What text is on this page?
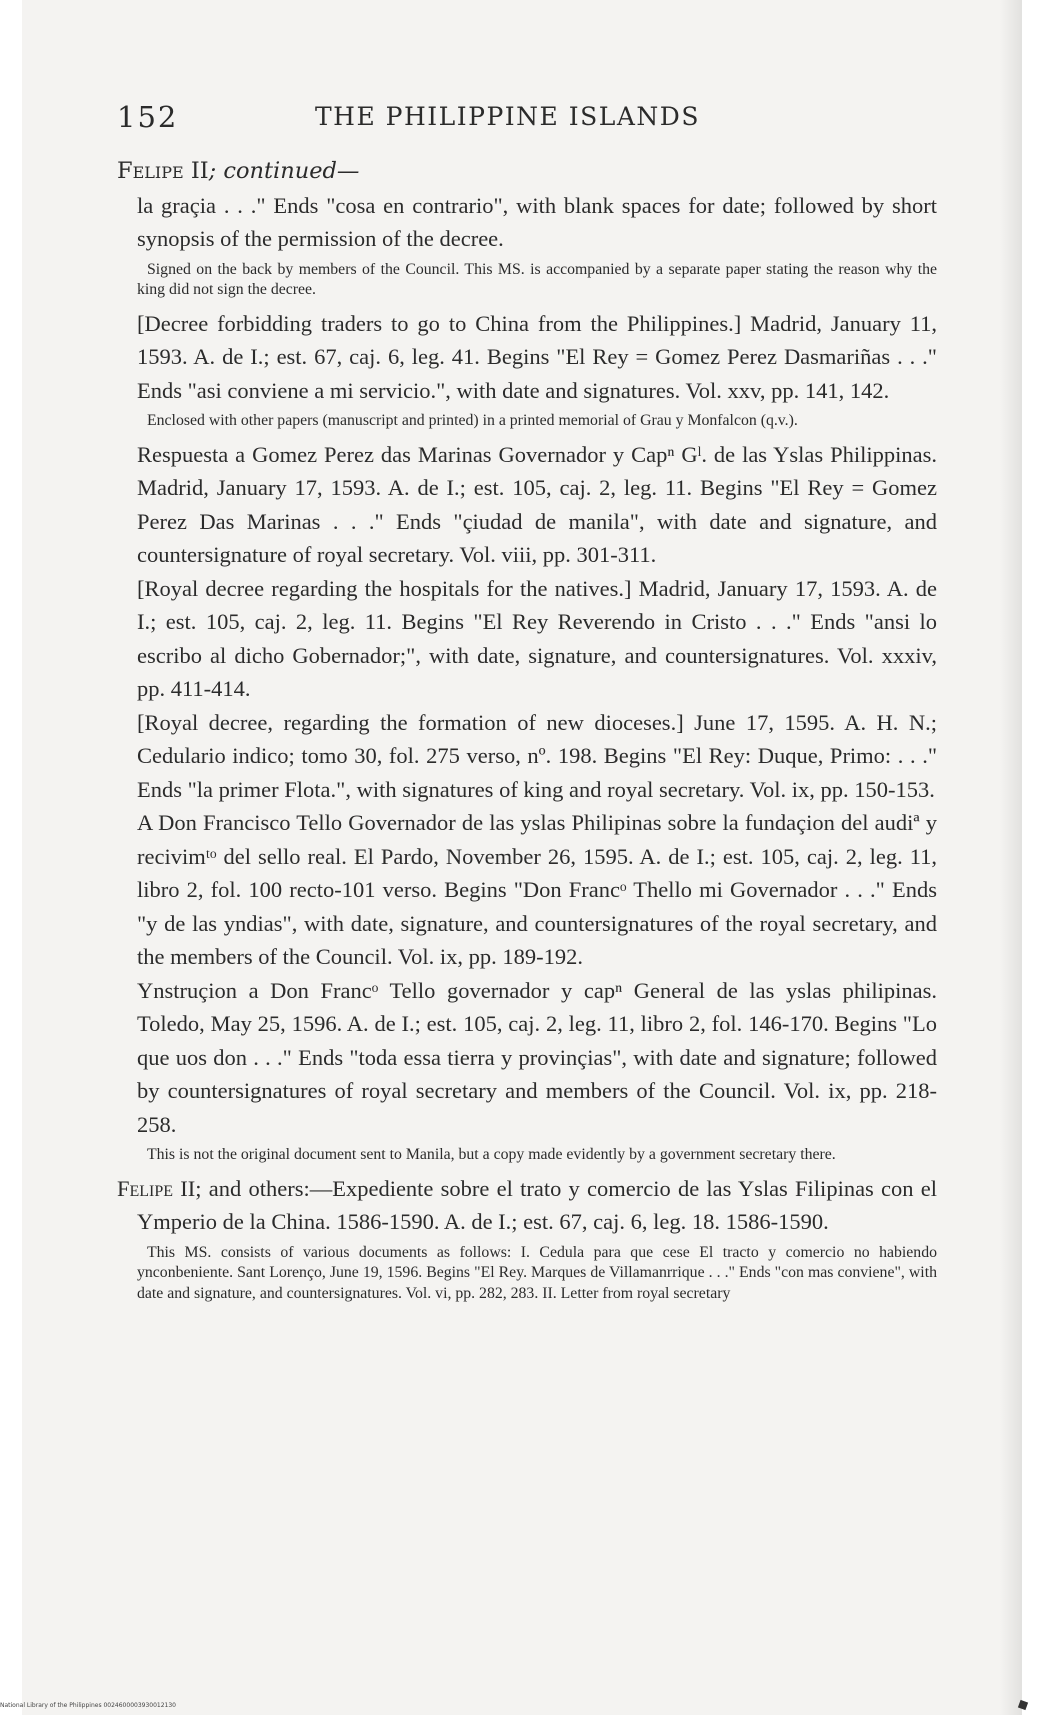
152	THE PHILIPPINE ISLANDS
Felipe II; continued—

la graçia . . ." Ends "cosa en contrario", with blank spaces for date; followed by short synopsis of the permission of the decree.

Signed on the back by members of the Council. This MS. is accompanied by a separate paper stating the reason why the king did not sign the decree.

[Decree forbidding traders to go to China from the Philippines.] Madrid, January 11, 1593. A. de I.; est. 67, caj. 6, leg. 41. Begins "El Rey = Gomez Perez Dasmariñas . . ." Ends "asi conviene a mi servicio.", with date and signatures. Vol. xxv, pp. 141, 142.

Enclosed with other papers (manuscript and printed) in a printed memorial of Grau y Monfalcon (q.v.).

Respuesta a Gomez Perez das Marinas Governador y Capⁿ Gˡ. de las Yslas Philippinas. Madrid, January 17, 1593. A. de I.; est. 105, caj. 2, leg. 11. Begins "El Rey = Gomez Perez Das Marinas . . ." Ends "çiudad de manila", with date and signature, and countersignature of royal secretary. Vol. viii, pp. 301-311.

[Royal decree regarding the hospitals for the natives.] Madrid, January 17, 1593. A. de I.; est. 105, caj. 2, leg. 11. Begins "El Rey Reverendo in Cristo . . ." Ends "ansi lo escribo al dicho Gobernador;", with date, signature, and countersignatures. Vol. xxxiv, pp. 411-414.

[Royal decree, regarding the formation of new dioceses.] June 17, 1595. A. H. N.; Cedulario indico; tomo 30, fol. 275 verso, nº. 198. Begins "El Rey: Duque, Primo: . . ." Ends "la primer Flota.", with signatures of king and royal secretary. Vol. ix, pp. 150-153.

A Don Francisco Tello Governador de las yslas Philipinas sobre la fundaçion del audiª y recivimᵗᵒ del sello real. El Pardo, November 26, 1595. A. de I.; est. 105, caj. 2, leg. 11, libro 2, fol. 100 recto-101 verso. Begins "Don Francᵒ Thello mi Governador . . ." Ends "y de las yndias", with date, signature, and countersignatures of the royal secretary, and the members of the Council. Vol. ix, pp. 189-192.

Ynstruçion a Don Francᵒ Tello governador y capⁿ General de las yslas philipinas. Toledo, May 25, 1596. A. de I.; est. 105, caj. 2, leg. 11, libro 2, fol. 146-170. Begins "Lo que uos don . . ." Ends "toda essa tierra y provinçias", with date and signature; followed by countersignatures of royal secretary and members of the Council. Vol. ix, pp. 218-258.

This is not the original document sent to Manila, but a copy made evidently by a government secretary there.

Felipe II; and others:—Expediente sobre el trato y comercio de las Yslas Filipinas con el Ymperio de la China. 1586-1590. A. de I.; est. 67, caj. 6, leg. 18. 1586-1590.

This MS. consists of various documents as follows: I. Cedula para que cese El tracto y comercio no habiendo ynconbeniente. Sant Lorenço, June 19, 1596. Begins "El Rey. Marques de Villamanrrique . . ." Ends "con mas conviene", with date and signature, and countersignatures. Vol. vi, pp. 282, 283. II. Letter from royal secretary
National Library of the Philippines 0024600003930012130
